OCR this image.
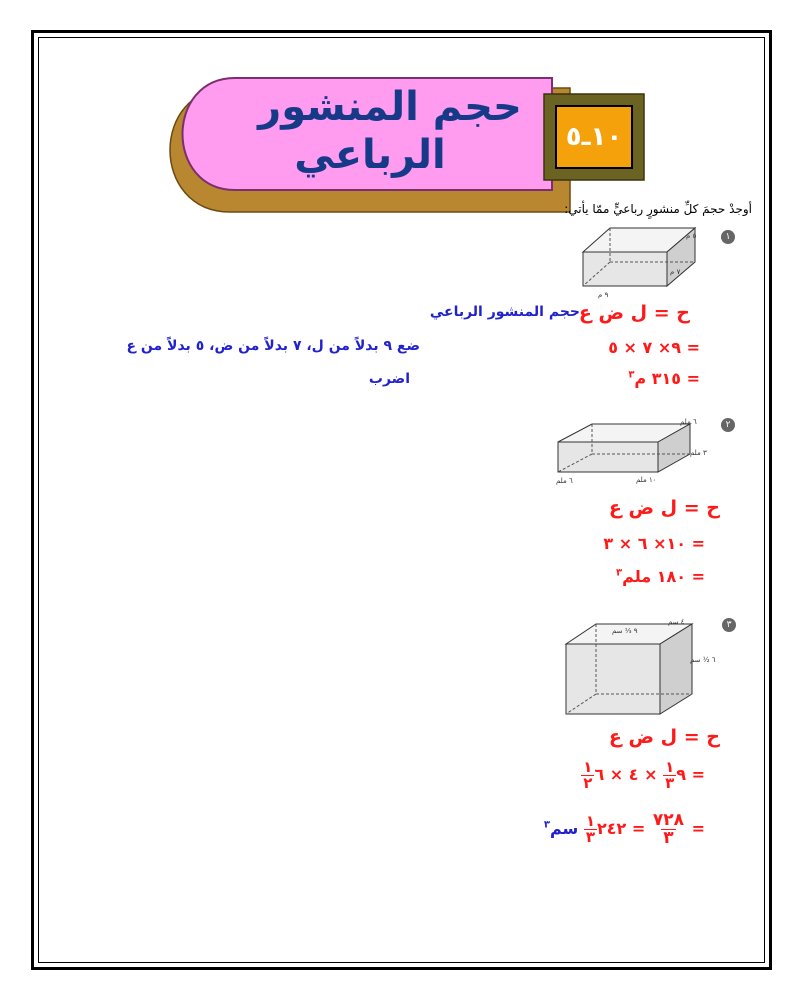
حجم المنشور
الرباعي	١٠ـ٥
أوجدْ حجمَ كلِّ منشورٍ رباعيٍّ ممّا يأتي:
١
٥ م
٧ م
٩ م
ح = ل ض ع
حجم المنشور الرباعي
= ٩× ٧ × ٥
ضع ٩ بدلاً من ل، ٧ بدلاً من ض، ٥ بدلاً من ع
= ٣١٥ م$^٣$
اضرب
٢
٦ ملم
٣ ملم
١٠ ملم
٦ ملم
ح = ل ض ع
= ١٠× ٦ × ٣
= ١٨٠ ملم$^٣$
٣
٤ سم
٩ ⅓ سم
٦ ½ سم
ح = ل ض ع
= ٩
١
٣
× ٤ × ٦
١
٢
=
٧٢٨
٣
= ٢٤٢
١
٣
سم$^٣$
